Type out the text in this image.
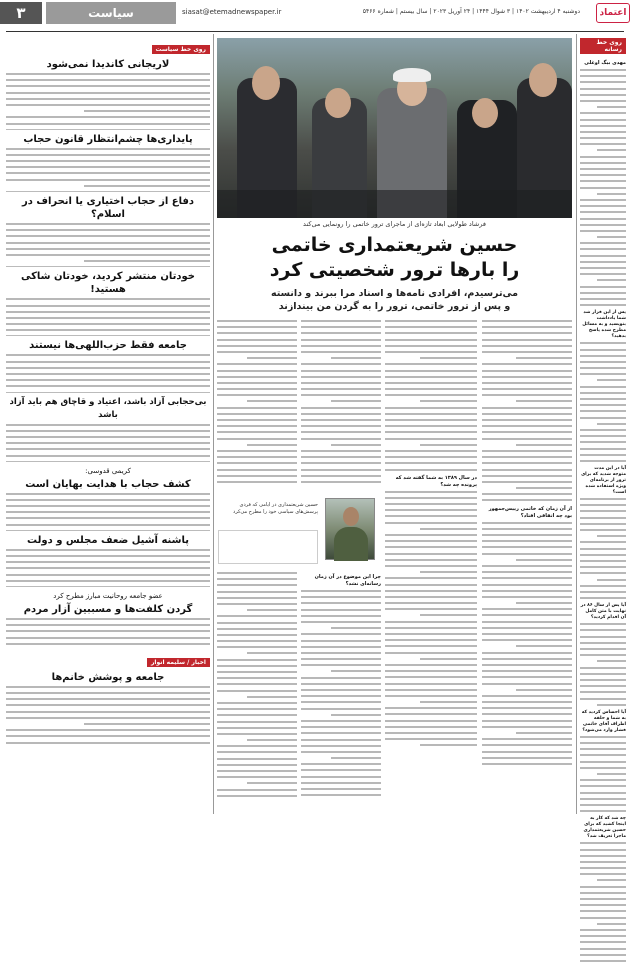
۳	سیاست	siasat@etemadnewspaper.ir	دوشنبه ۴ اردیبهشت ۱۴۰۲ | ۳ شوال ۱۴۴۴ | ۲۴ آوریل ۲۰۲۳ | سال بیستم | شماره ۵۴۶۶	اعتماد
روی خط رسانه
مهدی بیگ اوغلی
پس از این قرار شد شما یادداشت بنویسید و به مسائل مطرح شده پاسخ بدهید؟
آیا در این مدت متوجه شدید که برای ترور از برنامه‌ای ویژه استفاده شده است؟
آیا پس از سال ۸۶ در نهایت با متن کامل آن اقدام کردید؟
آیا احساس کردید که به شما و حلقه اطراف آقای خاتمی فشار وارد می‌شود؟
چه شد که کار به اینجا کشید که برای حسین شریعتمداری ماجرا تعریف شد؟
فرشاد طولایی ابعاد تازه‌ای از ماجرای ترور خاتمی را رونمایی می‌کند
حسین شریعتمداری خاتمی
را بارها ترور شخصیتی کرد
می‌ترسیدم، افرادی نامه‌ها و اسناد مرا ببرند و دانسته
و پس از ترور خاتمی، ترور را به گردن من بیندازند
از آن زمان که خاتمی رییس‌جمهور بود چه اتفاقی افتاد؟
در سال ۱۳۸۹ به شما گفته شد که پرونده چه شد؟
حسین شریعتمداری در ایامی که فردی پرسش‌های سیاسی خود را مطرح می‌کرد
چرا این موضوع در آن زمان رسانه‌ای نشد؟
روی خط سیاست
لاریجانی کاندیدا نمی‌شود
پایداری‌ها چشم‌انتظار قانون حجاب
دفاع از حجاب اختیاری یا انحراف در اسلام؟
خودتان منتشر کردید، خودتان شاکی هستید!
جامعه فقط حزب‌اللهی‌ها نیستند
بی‌حجابی آزاد باشد، اعتیاد و قاچاق هم باید آزاد باشد
کریمی قدوسی:
کشف حجاب با هدایت بهایان است
پاشنه آشیل ضعف مجلس و دولت
عضو جامعه روحانیت مبارز مطرح کرد
گردن کلفت‌ها و مسببین آزار مردم
اخبار / سلیمه انوار
جامعه و پوشش خانم‌ها
